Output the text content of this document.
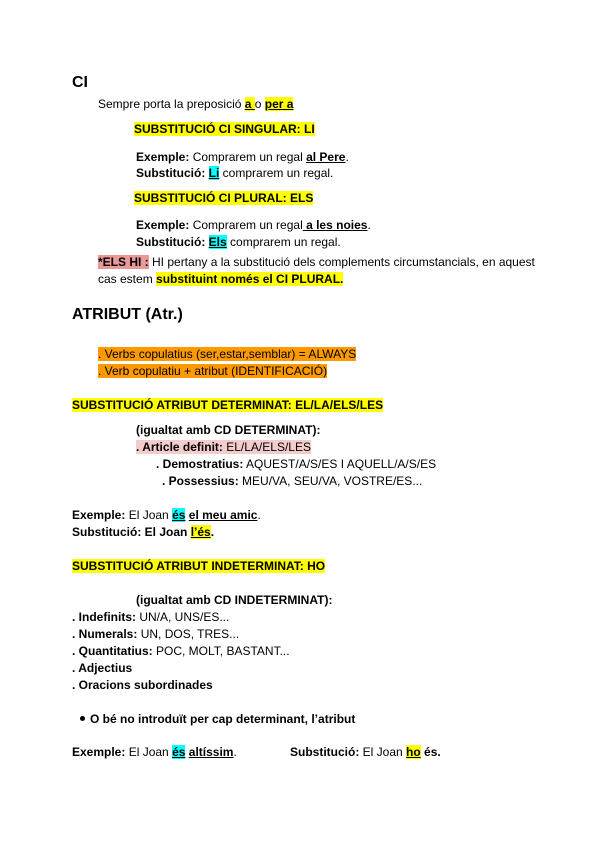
CI
Sempre porta la preposició a o per a
SUBSTITUCIÓ CI SINGULAR: LI
Exemple: Comprarem un regal al Pere.
Substitució: Li comprarem un regal.
SUBSTITUCIÓ CI PLURAL: ELS
Exemple: Comprarem un regal a les noies.
Substitució: Els comprarem un regal.
*ELS HI : HI pertany a la substitució dels complements circumstancials, en aquest
cas estem substituint només el CI PLURAL.
ATRIBUT (Atr.)
. Verbs copulatius (ser,estar,semblar) = ALWAYS
. Verb copulatiu + atribut (IDENTIFICACIÓ)
SUBSTITUCIÓ ATRIBUT DETERMINAT: EL/LA/ELS/LES
(igualtat amb CD DETERMINAT):
. Article definit: EL/LA/ELS/LES
. Demostratius: AQUEST/A/S/ES I AQUELL/A/S/ES
. Possessius: MEU/VA, SEU/VA, VOSTRE/ES...
Exemple: El Joan és el meu amic.
Substitució: El Joan l’és.
SUBSTITUCIÓ ATRIBUT INDETERMINAT: HO
(igualtat amb CD INDETERMINAT):
. Indefinits: UN/A, UNS/ES...
. Numerals: UN, DOS, TRES...
. Quantitatius: POC, MOLT, BASTANT...
. Adjectius
. Oracions subordinades
O bé no introduït per cap determinant, l’atribut
Exemple: El Joan és altíssim.	Substitució: El Joan ho és.
